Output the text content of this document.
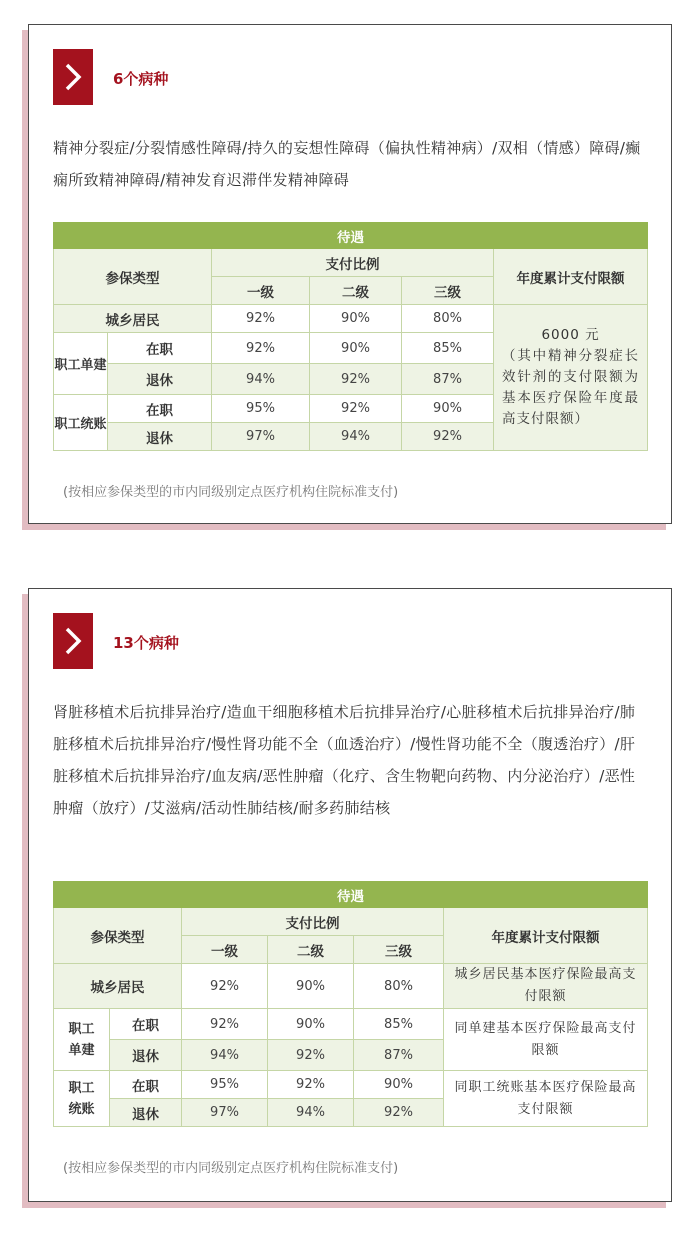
6个病种
精神分裂症/分裂情感性障碍/持久的妄想性障碍（偏执性精神病）/双相（情感）障碍/癫痫所致精神障碍/精神发育迟滞伴发精神障碍
待遇					
参保类型		支付比例			年度累计支付限额
		一级	二级	三级	
城乡居民		92%	90%	80%	6000 元
（其中精神分裂症长效针剂的支付限额为基本医疗保险年度最高支付限额）

职工单建	在职	92%	90%	85%	
	退休	94%	92%	87%	
职工统账	在职	95%	92%	90%	
	退休	97%	94%	92%	
(按相应参保类型的市内同级别定点医疗机构住院标准支付)
13个病种
肾脏移植术后抗排异治疗/造血干细胞移植术后抗排异治疗/心脏移植术后抗排异治疗/肺脏移植术后抗排异治疗/慢性肾功能不全（血透治疗）/慢性肾功能不全（腹透治疗）/肝脏移植术后抗排异治疗/血友病/恶性肿瘤（化疗、含生物靶向药物、内分泌治疗）/恶性肿瘤（放疗）/艾滋病/活动性肺结核/耐多药肺结核
待遇					
参保类型		支付比例			年度累计支付限额
		一级	二级	三级	
城乡居民		92%	90%	80%	城乡居民基本医疗保险最高支付限额

职工单建	在职	92%	90%	85%	同单建基本医疗保险最高支付限额
	退休	94%	92%	87%	

职工统账	在职	95%	92%	90%	同职工统账基本医疗保险最高支付限额
	退休	97%	94%	92%	
(按相应参保类型的市内同级别定点医疗机构住院标准支付)
